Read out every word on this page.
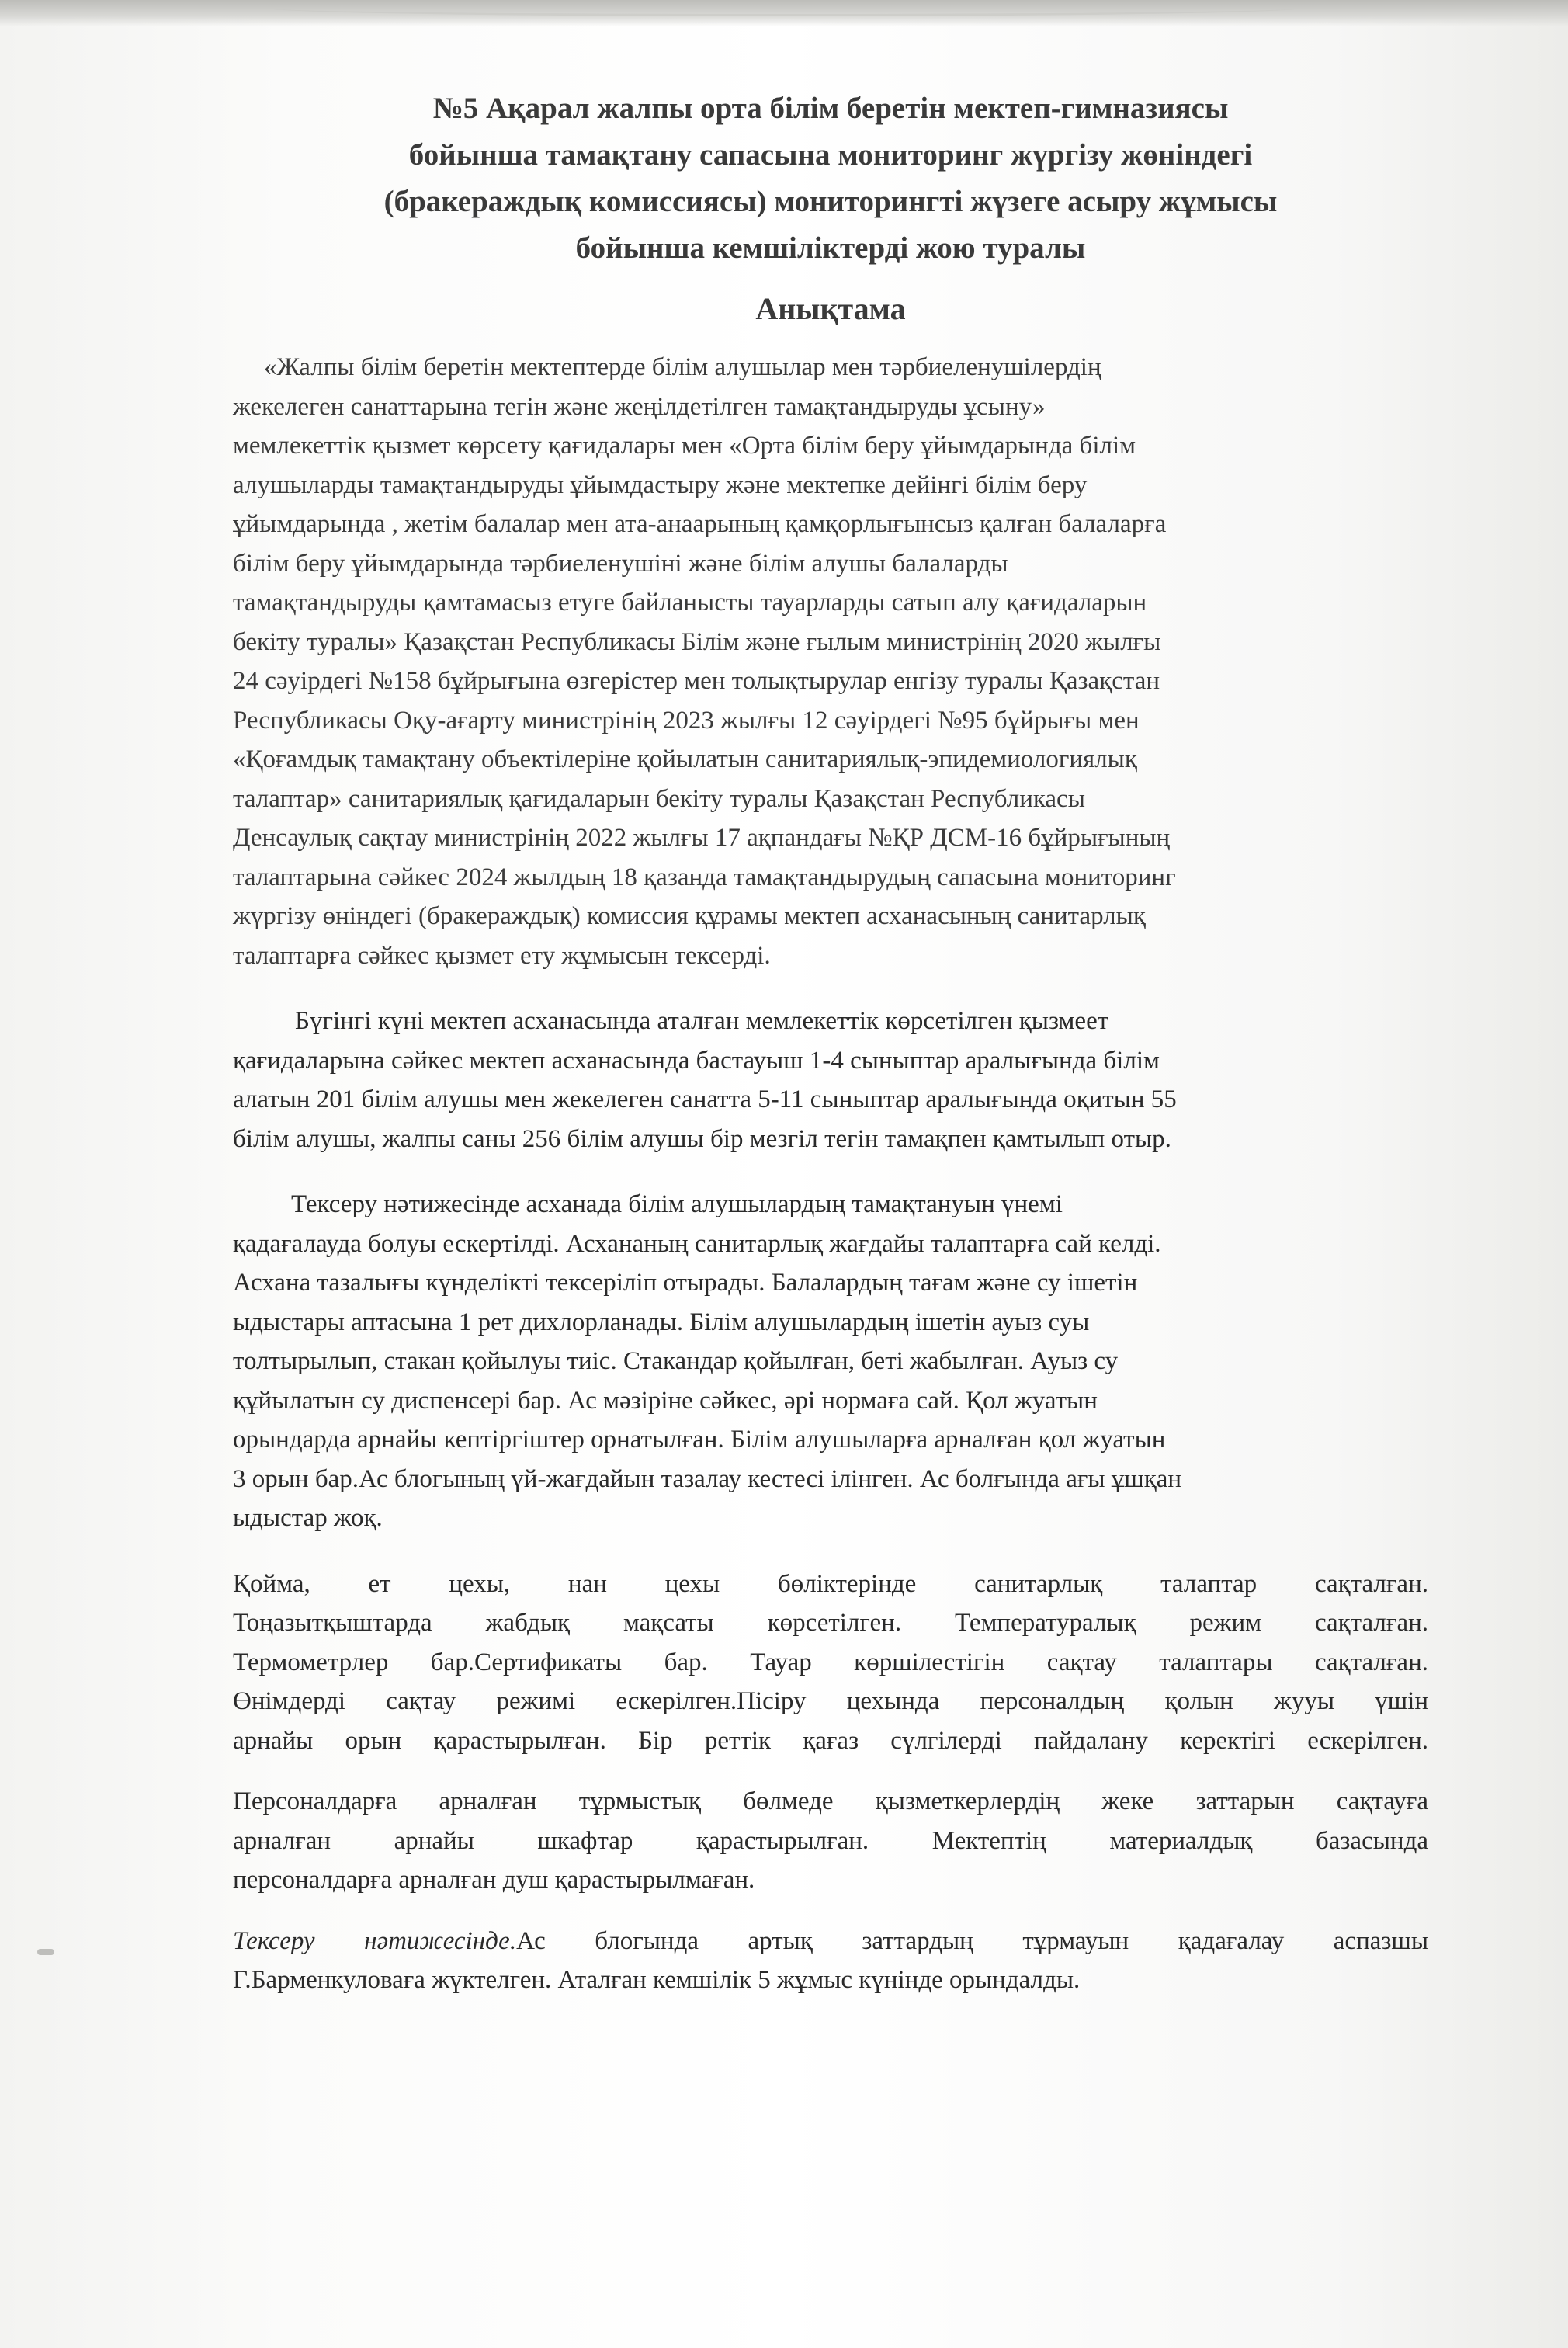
№5 Ақарал жалпы орта білім беретін мектеп-гимназиясы
бойынша тамақтану сапасына мониторинг жүргізу жөніндегі
(бракераждық комиссиясы) мониторингті жүзеге асыру жұмысы
бойынша кемшіліктерді жою туралы
Анықтама
«Жалпы білім беретін мектептерде білім алушылар мен тәрбиеленушілердің
жекелеген санаттарына тегін және жеңілдетілген тамақтандыруды ұсыну»
мемлекеттік қызмет көрсету қағидалары мен «Орта білім беру ұйымдарында білім
алушыларды тамақтандыруды ұйымдастыру және мектепке дейінгі білім беру
ұйымдарында , жетім балалар мен ата-анаарының қамқорлығынсыз қалған балаларға
білім беру ұйымдарында тәрбиеленушіні және білім алушы балаларды
тамақтандыруды қамтамасыз етуге байланысты тауарларды сатып алу қағидаларын
бекіту туралы» Қазақстан Республикасы Білім және ғылым министрінің 2020 жылғы
24 сәуірдегі №158 бұйрығына өзгерістер мен толықтырулар енгізу туралы Қазақстан
Республикасы Оқу-ағарту министрінің 2023 жылғы 12 сәуірдегі №95 бұйрығы мен
«Қоғамдық тамақтану объектілеріне қойылатын санитариялық-эпидемиологиялық
талаптар» санитариялық қағидаларын бекіту туралы Қазақстан Республикасы
Денсаулық сақтау министрінің 2022 жылғы 17 ақпандағы №ҚР ДСМ-16 бұйрығының
талаптарына сәйкес 2024 жылдың 18 қазанда тамақтандырудың сапасына мониторинг
жүргізу өніндегі (бракераждық) комиссия құрамы мектеп асханасының санитарлық
талаптарға сәйкес қызмет ету жұмысын тексерді.
Бүгінгі күні мектеп асханасында аталған мемлекеттік көрсетілген қызмеет
қағидаларына сәйкес мектеп асханасында бастауыш 1-4 сыныптар аралығында білім
алатын 201 білім алушы мен жекелеген санатта 5-11 сыныптар аралығында оқитын 55
білім алушы, жалпы саны 256 білім алушы бір мезгіл тегін тамақпен қамтылып отыр.
Тексеру нәтижесінде асханада білім алушылардың тамақтануын үнемі
қадағалауда болуы ескертілді. Асхананың санитарлық жағдайы талаптарға сай келді.
Асхана тазалығы күнделікті тексеріліп отырады. Балалардың тағам және су ішетін
ыдыстары аптасына 1 рет дихлорланады. Білім алушылардың ішетін ауыз суы
толтырылып, стакан қойылуы тиіс. Стакандар қойылған, беті жабылған. Ауыз су
құйылатын су диспенсері бар. Ас мәзіріне сәйкес, әрі нормаға сай. Қол жуатын
орындарда арнайы кептіргіштер орнатылған. Білім алушыларға арналған қол жуатын
3 орын бар.Ас блогының үй-жағдайын тазалау кестесі ілінген. Ас болғында ағы ұшқан
ыдыстар жоқ.
Қойма, ет цехы, нан цехы бөліктерінде санитарлық талаптар сақталған.
Тоңазытқыштарда жабдық мақсаты көрсетілген. Температуралық режим сақталған.
Термометрлер бар.Сертификаты бар. Тауар көршілестігін сақтау талаптары сақталған.
Өнімдерді сақтау режимі ескерілген.Пісіру цехында персоналдың қолын жууы үшін
арнайы орын қарастырылған. Бір реттік қағаз сүлгілерді пайдалану керектігі ескерілген.
Персоналдарға арналған тұрмыстық бөлмеде қызметкерлердің жеке заттарын сақтауға
арналған арнайы шкафтар қарастырылған. Мектептің материалдық базасында
персоналдарға арналған душ қарастырылмаған.
Тексеру нәтижесінде.Ас блогында артық заттардың тұрмауын қадағалау аспазшы
Г.Барменкуловаға жүктелген. Аталған кемшілік 5 жұмыс күнінде орындалды.
